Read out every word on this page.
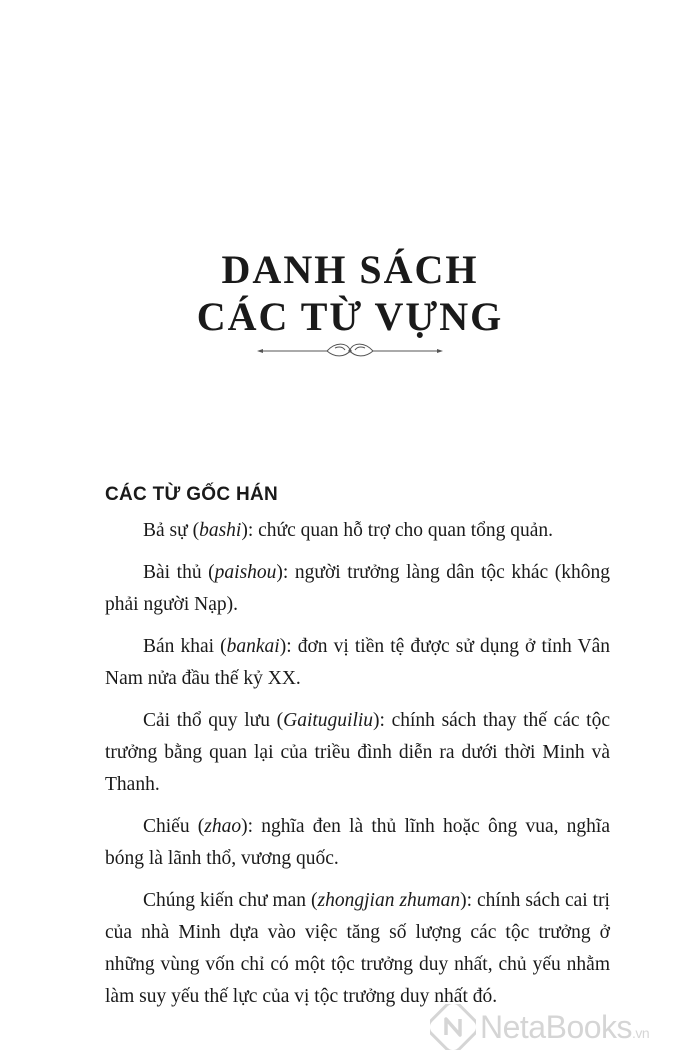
DANH SÁCH
CÁC TỪ VỰNG
CÁC TỪ GỐC HÁN

Bả sự (bashi): chức quan hỗ trợ cho quan tổng quản.

Bài thủ (paishou): người trưởng làng dân tộc khác (không phải người Nạp).

Bán khai (bankai): đơn vị tiền tệ được sử dụng ở tỉnh Vân Nam nửa đầu thế kỷ XX.

Cải thổ quy lưu (Gaituguiliu): chính sách thay thế các tộc trưởng bằng quan lại của triều đình diễn ra dưới thời Minh và Thanh.

Chiếu (zhao): nghĩa đen là thủ lĩnh hoặc ông vua, nghĩa bóng là lãnh thổ, vương quốc.

Chúng kiến chư man (zhongjian zhuman): chính sách cai trị của nhà Minh dựa vào việc tăng số lượng các tộc trưởng ở những vùng vốn chỉ có một tộc trưởng duy nhất, chủ yếu nhằm làm suy yếu thế lực của vị tộc trưởng duy nhất đó.

NetaBooks.vn
